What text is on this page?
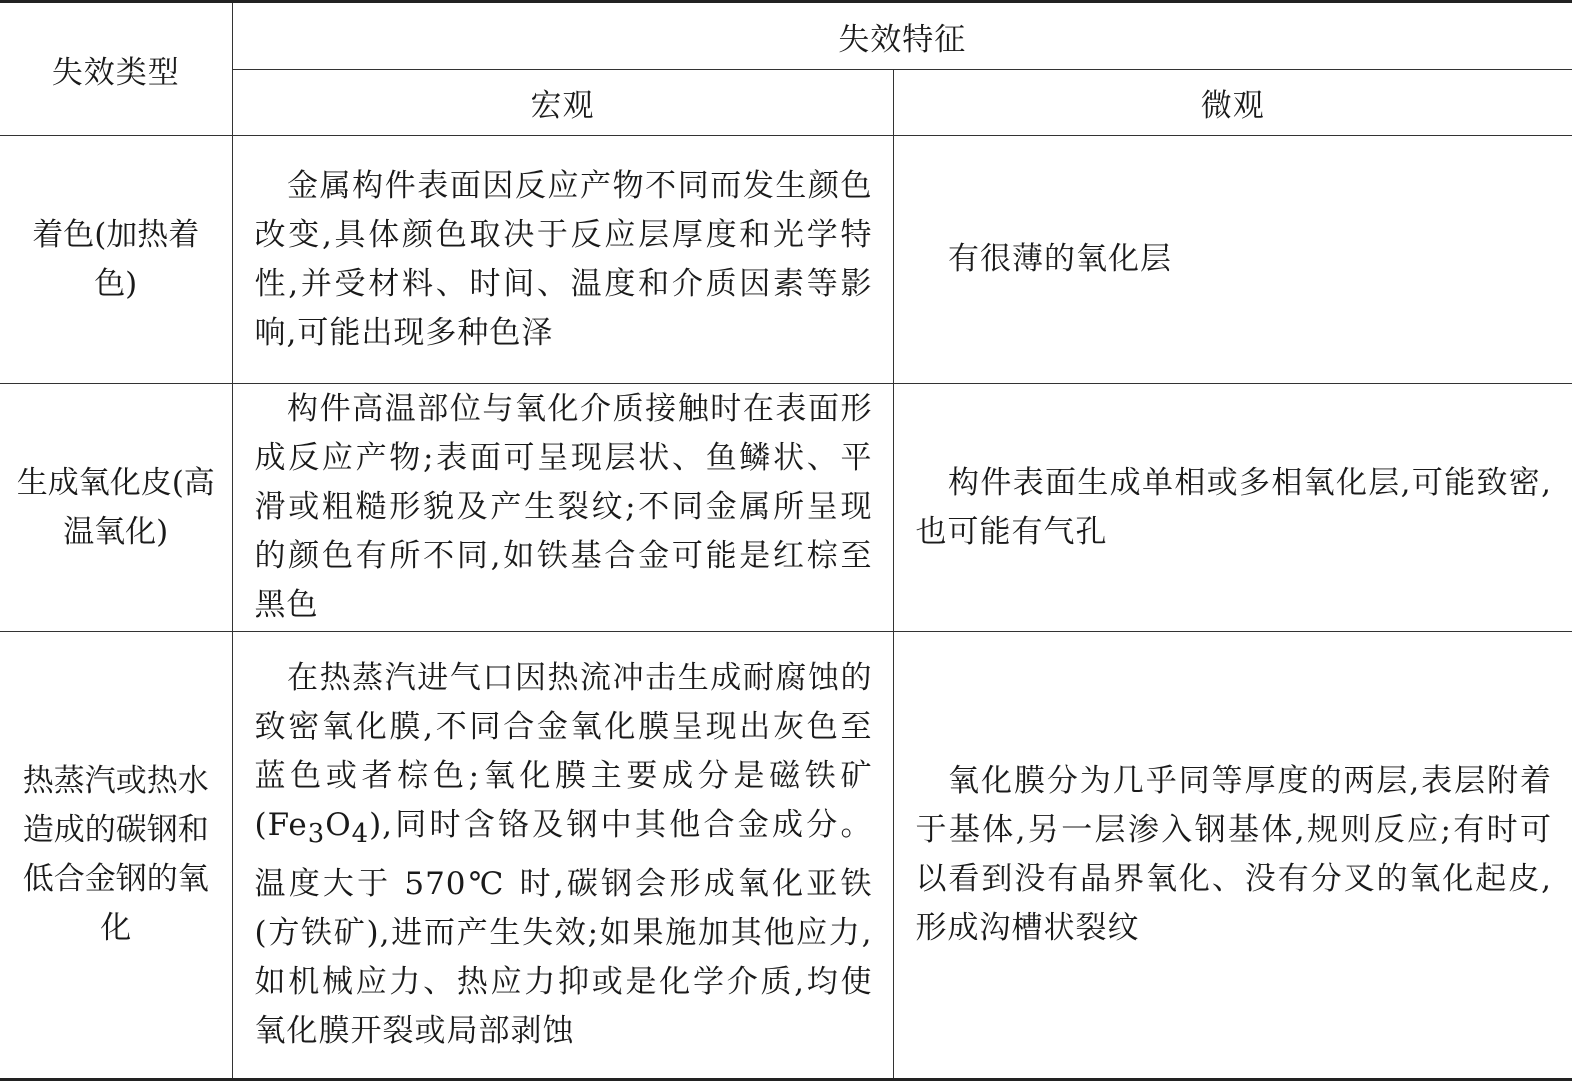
失效类型	失效特征	
	宏观	微观
着色(加热着色)	金属构件表面因反应产物不同而发生颜色改变,具体颜色取决于反应层厚度和光学特性,并受材料、时间、温度和介质因素等影响,可能出现多种色泽	有很薄的氧化层

生成氧化皮(高温氧化)	构件高温部位与氧化介质接触时在表面形成反应产物;表面可呈现层状、鱼鳞状、平滑或粗糙形貌及产生裂纹;不同金属所呈现的颜色有所不同,如铁基合金可能是红棕至黑色	构件表面生成单相或多相氧化层,可能致密,也可能有气孔

热蒸汽或热水造成的碳钢和低合金钢的氧化	在热蒸汽进气口因热流冲击生成耐腐蚀的致密氧化膜,不同合金氧化膜呈现出灰色至蓝色或者棕色;氧化膜主要成分是磁铁矿$(Fe_3O_4)$,同时含铬及钢中其他合金成分。温度大于 570℃ 时,碳钢会形成氧化亚铁(方铁矿),进而产生失效;如果施加其他应力,如机械应力、热应力抑或是化学介质,均使氧化膜开裂或局部剥蚀	氧化膜分为几乎同等厚度的两层,表层附着于基体,另一层渗入钢基体,规则反应;有时可以看到没有晶界氧化、没有分叉的氧化起皮,形成沟槽状裂纹
